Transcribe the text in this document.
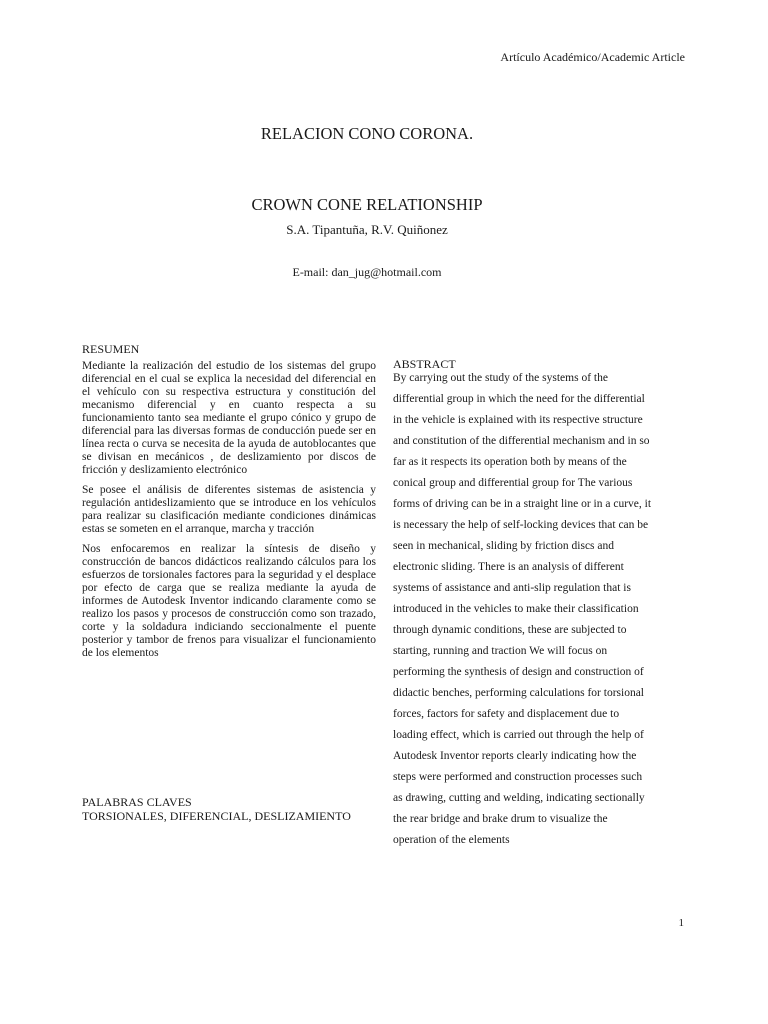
Artículo Académico/Academic Article
RELACION CONO CORONA.
CROWN CONE RELATIONSHIP
S.A. Tipantuña, R.V. Quiñonez
E-mail: dan_jug@hotmail.com
RESUMEN

Mediante la realización del estudio de los sistemas del grupo diferencial en el cual se explica la necesidad del diferencial en el vehículo con su respectiva estructura y constitución del mecanismo diferencial y en cuanto respecta a su funcionamiento tanto sea mediante el grupo cónico y grupo de diferencial para las diversas formas de conducción puede ser en línea recta o curva se necesita de la ayuda de autoblocantes que se divisan en mecánicos , de deslizamiento por discos de fricción y deslizamiento electrónico

Se posee el análisis de diferentes sistemas de asistencia y regulación antideslizamiento que se introduce en los vehículos para realizar su clasificación mediante condiciones dinámicas estas se someten en el arranque, marcha y tracción

Nos enfocaremos en realizar la síntesis de diseño y construcción de bancos didácticos realizando cálculos para los esfuerzos de torsionales factores para la seguridad y el desplace por efecto de carga que se realiza mediante la ayuda de informes de Autodesk Inventor indicando claramente como se realizo los pasos y procesos de construcción como son trazado, corte y la soldadura indiciando seccionalmente el puente posterior y tambor de frenos para visualizar el funcionamiento de los elementos

PALABRAS CLAVES
TORSIONALES, DIFERENCIAL, DESLIZAMIENTO
ABSTRACT
By carrying out the study of the systems of the
differential group in which the need for the differential
in the vehicle is explained with its respective structure
and constitution of the differential mechanism and in so
far as it respects its operation both by means of the
conical group and differential group for The various
forms of driving can be in a straight line or in a curve, it
is necessary the help of self-locking devices that can be
seen in mechanical, sliding by friction discs and
electronic sliding. There is an analysis of different
systems of assistance and anti-slip regulation that is
introduced in the vehicles to make their classification
through dynamic conditions, these are subjected to
starting, running and traction We will focus on
performing the synthesis of design and construction of
didactic benches, performing calculations for torsional
forces, factors for safety and displacement due to
loading effect, which is carried out through the help of
Autodesk Inventor reports clearly indicating how the
steps were performed and construction processes such
as drawing, cutting and welding, indicating sectionally
the rear bridge and brake drum to visualize the
operation of the elements
1
